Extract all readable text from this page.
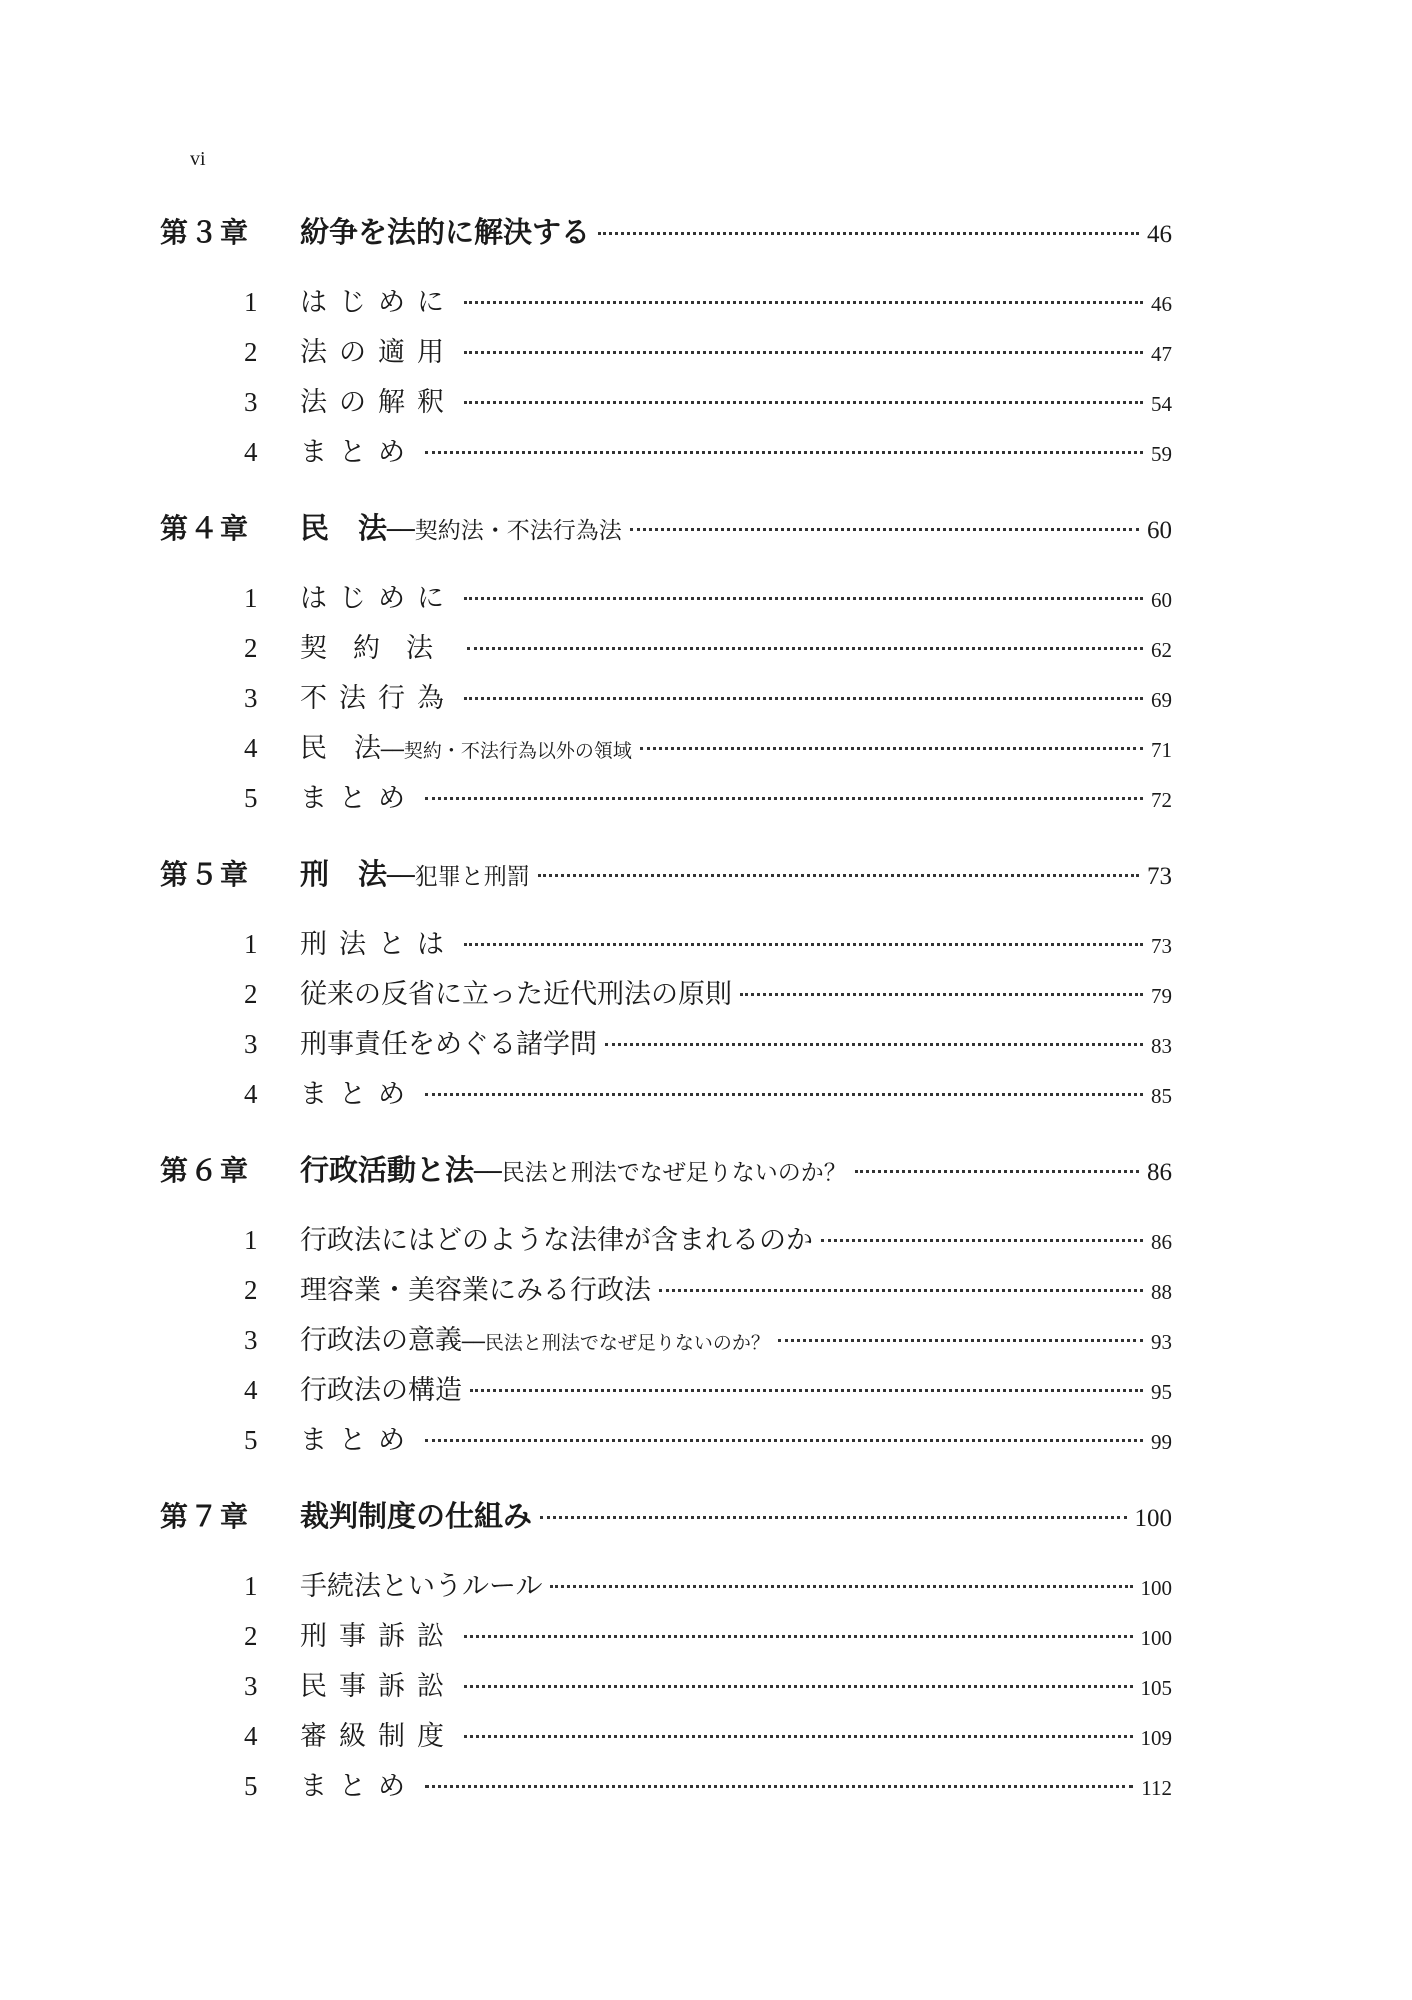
vi
第３章	紛争を法的に解決する	46
1	はじめに	46
2	法の適用	47
3	法の解釈	54
4	まとめ	59
第４章	民　法 ──契約法・不法行為法	60
1	はじめに	60
2	契約法	62
3	不法行為	69
4	民　法 ──契約・不法行為以外の領域	71
5	まとめ	72
第５章	刑　法 ──犯罪と刑罰	73
1	刑法とは	73
2	従来の反省に立った近代刑法の原則	79
3	刑事責任をめぐる諸学問	83
4	まとめ	85
第６章	行政活動と法 ──民法と刑法でなぜ足りないのか？	86
1	行政法にはどのような法律が含まれるのか	86
2	理容業・美容業にみる行政法	88
3	行政法の意義 ──民法と刑法でなぜ足りないのか？	93
4	行政法の構造	95
5	まとめ	99
第７章	裁判制度の仕組み	100
1	手続法というルール	100
2	刑事訴訟	100
3	民事訴訟	105
4	審級制度	109
5	まとめ	112
